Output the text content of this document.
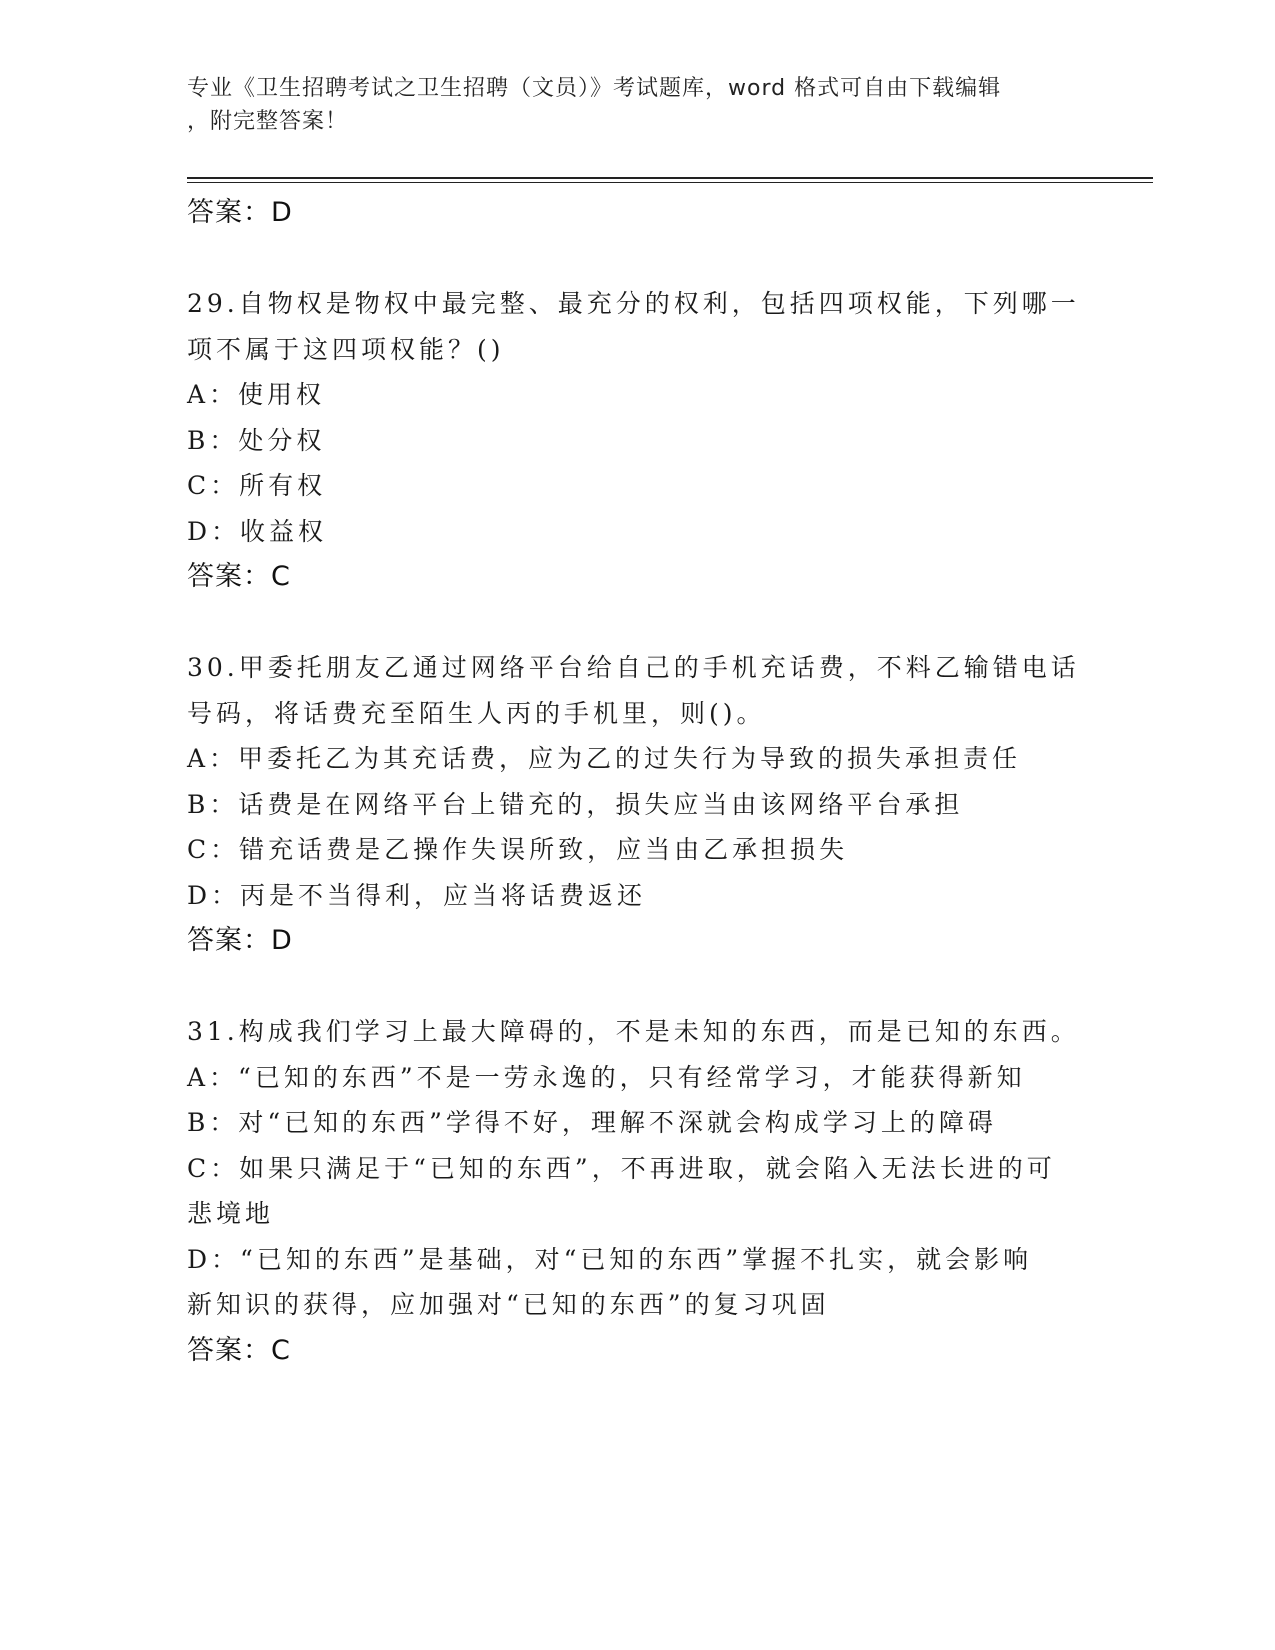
专业《卫生招聘考试之卫生招聘（文员）》考试题库，word 格式可自由下载编辑
，附完整答案！
答案：D
29.自物权是物权中最完整、最充分的权利，包括四项权能，下列哪一
项不属于这四项权能？()
A：使用权
B：处分权
C：所有权
D：收益权
答案：C
30.甲委托朋友乙通过网络平台给自己的手机充话费，不料乙输错电话
号码，将话费充至陌生人丙的手机里，则()。
A：甲委托乙为其充话费，应为乙的过失行为导致的损失承担责任
B：话费是在网络平台上错充的，损失应当由该网络平台承担
C：错充话费是乙操作失误所致，应当由乙承担损失
D：丙是不当得利，应当将话费返还
答案：D
31.构成我们学习上最大障碍的，不是未知的东西，而是已知的东西。
A：“已知的东西”不是一劳永逸的，只有经常学习，才能获得新知
B：对“已知的东西”学得不好，理解不深就会构成学习上的障碍
C：如果只满足于“已知的东西”，不再进取，就会陷入无法长进的可
悲境地
D：“已知的东西”是基础，对“已知的东西”掌握不扎实，就会影响
新知识的获得，应加强对“已知的东西”的复习巩固
答案：C
